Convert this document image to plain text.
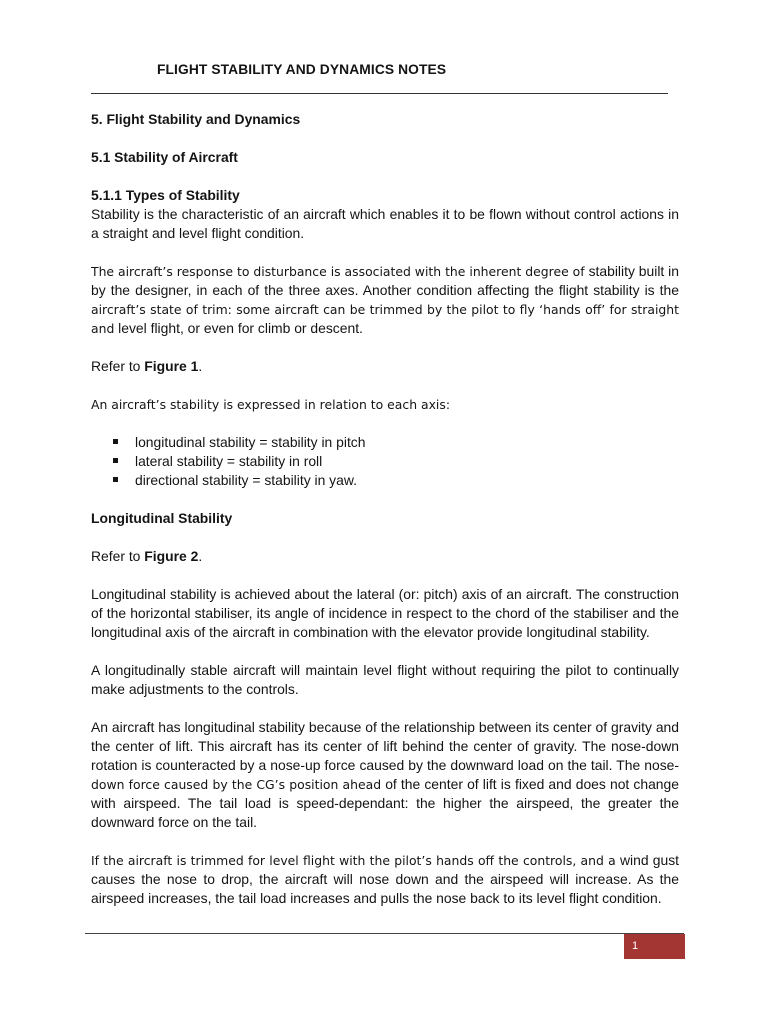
FLIGHT STABILITY AND DYNAMICS NOTES

5. Flight Stability and Dynamics

5.1 Stability of Aircraft

5.1.1 Types of Stability

Stability is the characteristic of an aircraft which enables it to be flown without control actions in a straight and level flight condition.

The aircraft’s response to disturbance is associated with the inherent degree of stability built in by the designer, in each of the three axes. Another condition affecting the flight stability is the aircraft’s state of trim: some aircraft can be trimmed by the pilot to fly ‘hands off’ for straight and level flight, or even for climb or descent.

Refer to Figure 1.

An aircraft’s stability is expressed in relation to each axis:

longitudinal stability = stability in pitch
lateral stability = stability in roll
directional stability = stability in yaw.

Longitudinal Stability

Refer to Figure 2.

Longitudinal stability is achieved about the lateral (or: pitch) axis of an aircraft. The construction of the horizontal stabiliser, its angle of incidence in respect to the chord of the stabiliser and the longitudinal axis of the aircraft in combination with the elevator provide longitudinal stability.

A longitudinally stable aircraft will maintain level flight without requiring the pilot to continually make adjustments to the controls.

An aircraft has longitudinal stability because of the relationship between its center of gravity and the center of lift. This aircraft has its center of lift behind the center of gravity. The nose-down rotation is counteracted by a nose-up force caused by the downward load on the tail. The nose-down force caused by the CG’s position ahead of the center of lift is fixed and does not change with airspeed. The tail load is speed-dependant: the higher the airspeed, the greater the downward force on the tail.

If the aircraft is trimmed for level flight with the pilot’s hands off the controls, and a wind gust causes the nose to drop, the aircraft will nose down and the airspeed will increase. As the airspeed increases, the tail load increases and pulls the nose back to its level flight condition.

1
